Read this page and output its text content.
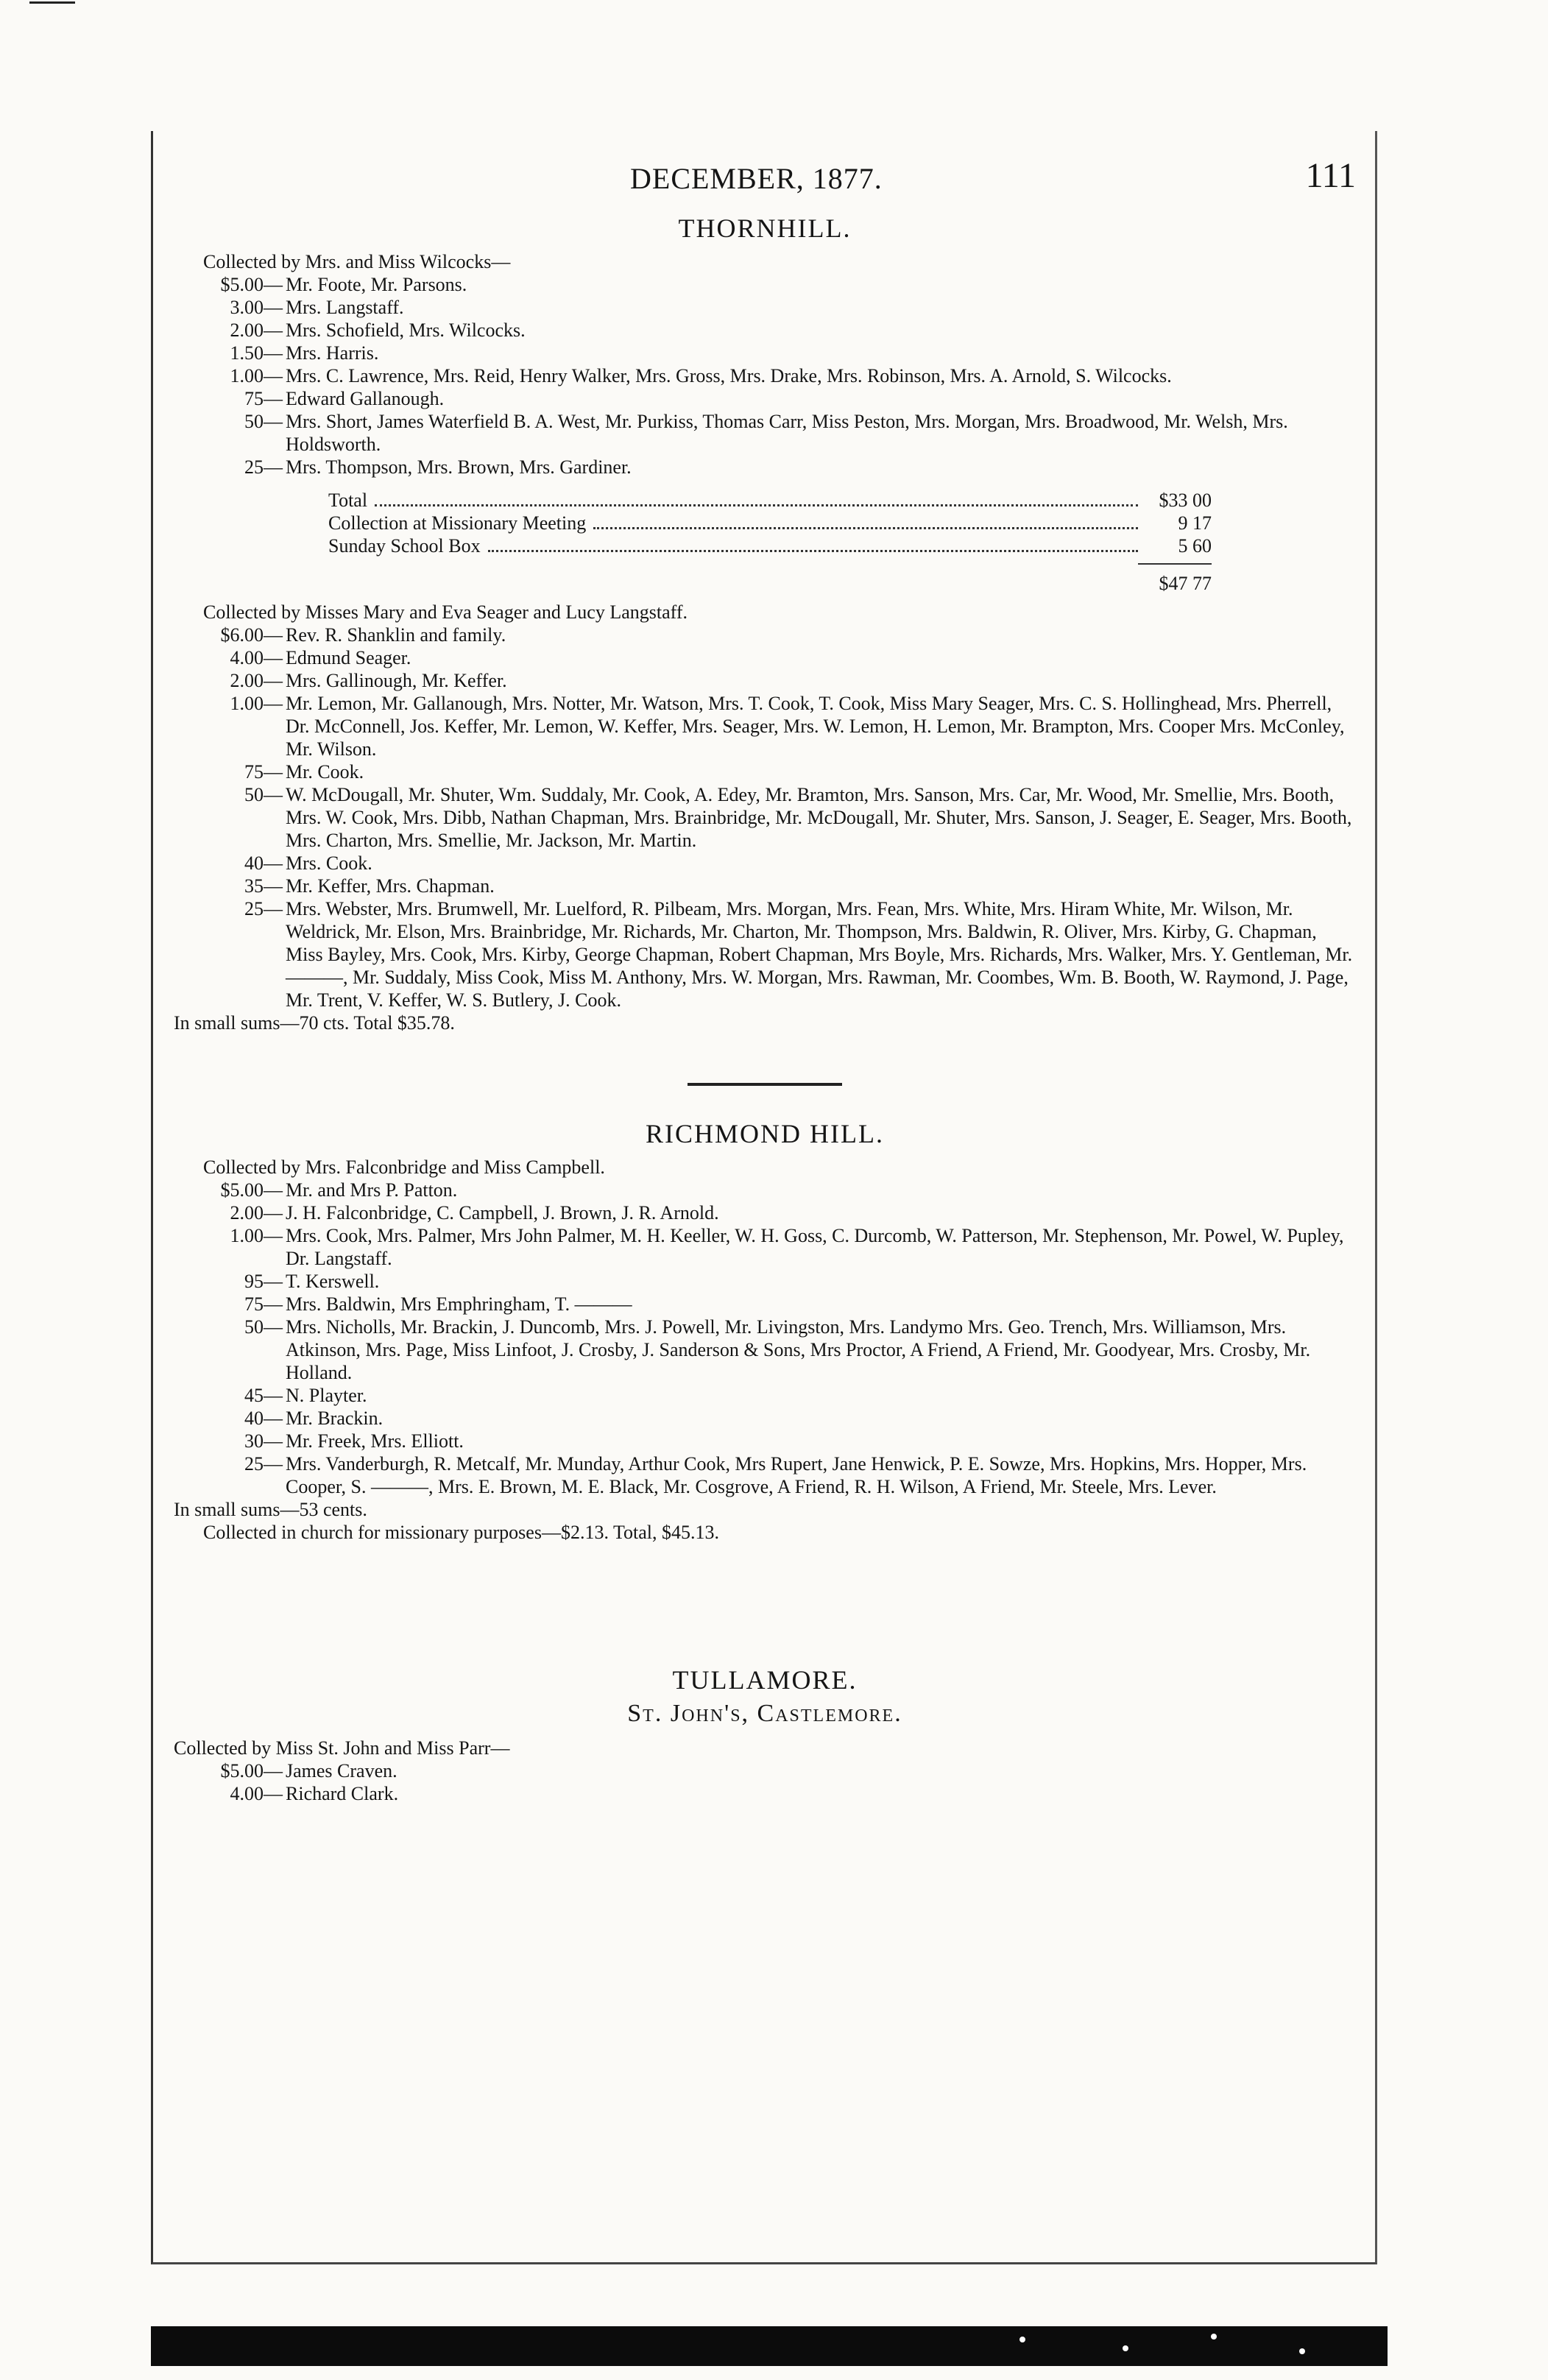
DECEMBER, 1877.	111
THORNHILL.
Collected by Mrs. and Miss Wilcocks—
$5.00— Mr. Foote, Mr. Parsons.
3.00— Mrs. Langstaff.
2.00— Mrs. Schofield, Mrs. Wilcocks.
1.50— Mrs. Harris.
1.00— Mrs. C. Lawrence, Mrs. Reid, Henry Walker, Mrs. Gross, Mrs. Drake, Mrs. Robinson, Mrs. A. Arnold, S. Wilcocks.
75— Edward Gallanough.
50— Mrs. Short, James Waterfield B. A. West, Mr. Purkiss, Thomas Carr, Miss Peston, Mrs. Morgan, Mrs. Broadwood, Mr. Welsh, Mrs. Holdsworth.
25— Mrs. Thompson, Mrs. Brown, Mrs. Gardiner.
Total	$33 00
Collection at Missionary Meeting	9 17
Sunday School Box	5 60
$47 77
Collected by Misses Mary and Eva Seager and Lucy Langstaff.
$6.00— Rev. R. Shanklin and family.
4.00— Edmund Seager.
2.00— Mrs. Gallinough, Mr. Keffer.
1.00— Mr. Lemon, Mr. Gallanough, Mrs. Notter, Mr. Watson, Mrs. T. Cook, T. Cook, Miss Mary Seager, Mrs. C. S. Hollinghead, Mrs. Pherrell, Dr. McConnell, Jos. Keffer, Mr. Lemon, W. Keffer, Mrs. Seager, Mrs. W. Lemon, H. Lemon, Mr. Brampton, Mrs. Cooper Mrs. McConley, Mr. Wilson.
75— Mr. Cook.
50— W. McDougall, Mr. Shuter, Wm. Suddaly, Mr. Cook, A. Edey, Mr. Bramton, Mrs. Sanson, Mrs. Car, Mr. Wood, Mr. Smellie, Mrs. Booth, Mrs. W. Cook, Mrs. Dibb, Nathan Chapman, Mrs. Brainbridge, Mr. McDougall, Mr. Shuter, Mrs. Sanson, J. Seager, E. Seager, Mrs. Booth, Mrs. Charton, Mrs. Smellie, Mr. Jackson, Mr. Martin.
40— Mrs. Cook.
35— Mr. Keffer, Mrs. Chapman.
25— Mrs. Webster, Mrs. Brumwell, Mr. Luelford, R. Pilbeam, Mrs. Morgan, Mrs. Fean, Mrs. White, Mrs. Hiram White, Mr. Wilson, Mr. Weldrick, Mr. Elson, Mrs. Brainbridge, Mr. Richards, Mr. Charton, Mr. Thompson, Mrs. Baldwin, R. Oliver, Mrs. Kirby, G. Chapman, Miss Bayley, Mrs. Cook, Mrs. Kirby, George Chapman, Robert Chapman, Mrs Boyle, Mrs. Richards, Mrs. Walker, Mrs. Y. Gentleman, Mr. ———, Mr. Suddaly, Miss Cook, Miss M. Anthony, Mrs. W. Morgan, Mrs. Rawman, Mr. Coombes, Wm. B. Booth, W. Raymond, J. Page, Mr. Trent, V. Keffer, W. S. Butlery, J. Cook.
In small sums—70 cts. Total $35.78.
RICHMOND HILL.
Collected by Mrs. Falconbridge and Miss Campbell.
$5.00— Mr. and Mrs P. Patton.
2.00— J. H. Falconbridge, C. Campbell, J. Brown, J. R. Arnold.
1.00— Mrs. Cook, Mrs. Palmer, Mrs John Palmer, M. H. Keeller, W. H. Goss, C. Durcomb, W. Patterson, Mr. Stephenson, Mr. Powel, W. Pupley, Dr. Langstaff.
95— T. Kerswell.
75— Mrs. Baldwin, Mrs Emphringham, T. ———
50— Mrs. Nicholls, Mr. Brackin, J. Duncomb, Mrs. J. Powell, Mr. Livingston, Mrs. Landymo Mrs. Geo. Trench, Mrs. Williamson, Mrs. Atkinson, Mrs. Page, Miss Linfoot, J. Crosby, J. Sanderson & Sons, Mrs Proctor, A Friend, A Friend, Mr. Goodyear, Mrs. Crosby, Mr. Holland.
45— N. Playter.
40— Mr. Brackin.
30— Mr. Freek, Mrs. Elliott.
25— Mrs. Vanderburgh, R. Metcalf, Mr. Munday, Arthur Cook, Mrs Rupert, Jane Henwick, P. E. Sowze, Mrs. Hopkins, Mrs. Hopper, Mrs. Cooper, S. ———, Mrs. E. Brown, M. E. Black, Mr. Cosgrove, A Friend, R. H. Wilson, A Friend, Mr. Steele, Mrs. Lever.
In small sums—53 cents.
Collected in church for missionary purposes—$2.13. Total, $45.13.
TULLAMORE.
St. John's, Castlemore.
Collected by Miss St. John and Miss Parr—
$5.00— James Craven.
4.00— Richard Clark.
